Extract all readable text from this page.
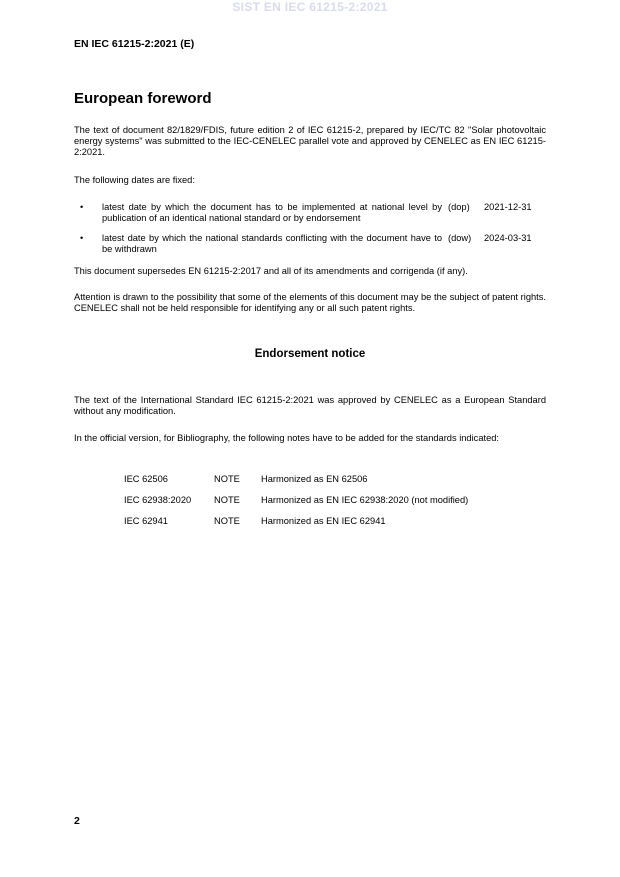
SIST EN IEC 61215-2:2021
EN IEC 61215-2:2021 (E)
European foreword
The text of document 82/1829/FDIS, future edition 2 of IEC 61215-2, prepared by IEC/TC 82 "Solar photovoltaic energy systems" was submitted to the IEC-CENELEC parallel vote and approved by CENELEC as EN IEC 61215-2:2021.
The following dates are fixed:
• latest date by which the document has to be implemented at national level by publication of an identical national standard or by endorsement
(dop) 2021-12-31
• latest date by which the national standards conflicting with the document have to be withdrawn
(dow) 2024-03-31
This document supersedes EN 61215-2:2017 and all of its amendments and corrigenda (if any).
Attention is drawn to the possibility that some of the elements of this document may be the subject of patent rights. CENELEC shall not be held responsible for identifying any or all such patent rights.
Endorsement notice
The text of the International Standard IEC 61215-2:2021 was approved by CENELEC as a European Standard without any modification.
In the official version, for Bibliography, the following notes have to be added for the standards indicated:
IEC 62506	NOTE Harmonized as EN 62506
IEC 62938:2020 NOTE Harmonized as EN IEC 62938:2020 (not modified)
IEC 62941	NOTE Harmonized as EN IEC 62941
2
